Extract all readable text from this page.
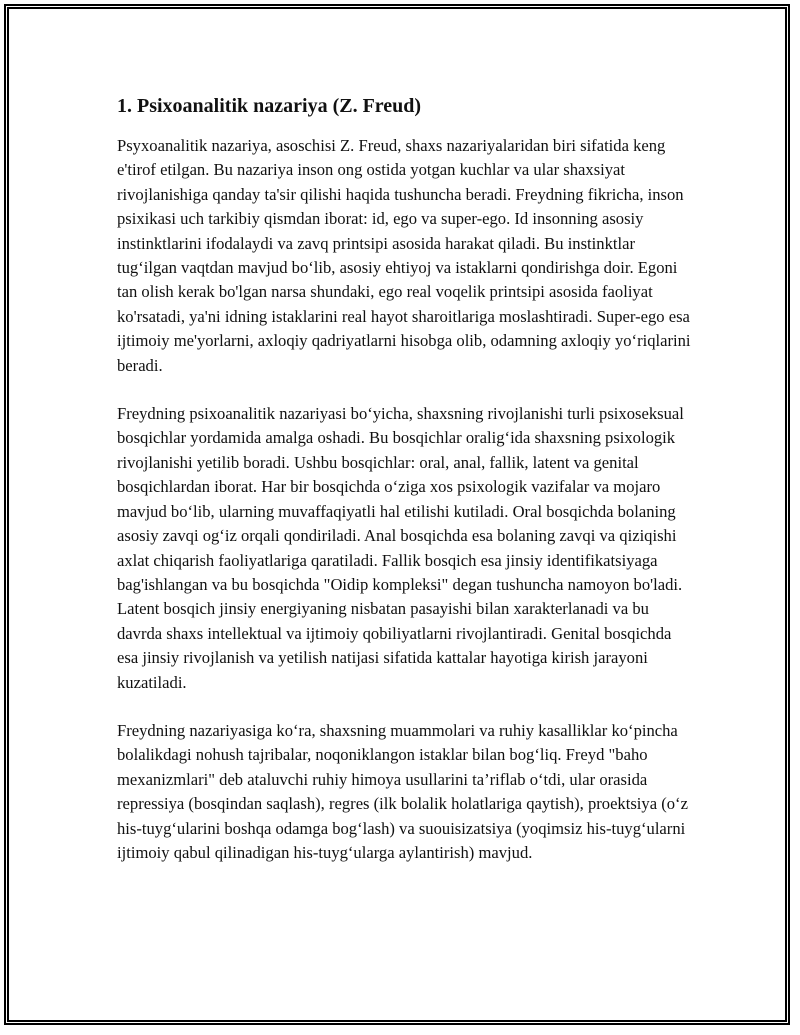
1. Psixoanalitik nazariya (Z. Freud)

Psyxoanalitik nazariya, asoschisi Z. Freud, shaxs nazariyalaridan biri sifatida keng e'tirof etilgan. Bu nazariya inson ong ostida yotgan kuchlar va ular shaxsiyat rivojlanishiga qanday ta'sir qilishi haqida tushuncha beradi. Freydning fikricha, inson psixikasi uch tarkibiy qismdan iborat: id, ego va super-ego. Id insonning asosiy instinktlarini ifodalaydi va zavq printsipi asosida harakat qiladi. Bu instinktlar tug‘ilgan vaqtdan mavjud bo‘lib, asosiy ehtiyoj va istaklarni qondirishga doir. Egoni tan olish kerak bo'lgan narsa shundaki, ego real voqelik printsipi asosida faoliyat ko'rsatadi, ya'ni idning istaklarini real hayot sharoitlariga moslashtiradi. Super-ego esa ijtimoiy me'yorlarni, axloqiy qadriyatlarni hisobga olib, odamning axloqiy yo‘riqlarini beradi.

Freydning psixoanalitik nazariyasi bo‘yicha, shaxsning rivojlanishi turli psixoseksual bosqichlar yordamida amalga oshadi. Bu bosqichlar oralig‘ida shaxsning psixologik rivojlanishi yetilib boradi. Ushbu bosqichlar: oral, anal, fallik, latent va genital bosqichlardan iborat. Har bir bosqichda o‘ziga xos psixologik vazifalar va mojaro mavjud bo‘lib, ularning muvaffaqiyatli hal etilishi kutiladi. Oral bosqichda bolaning asosiy zavqi og‘iz orqali qondiriladi. Anal bosqichda esa bolaning zavqi va qiziqishi axlat chiqarish faoliyatlariga qaratiladi. Fallik bosqich esa jinsiy identifikatsiyaga bag'ishlangan va bu bosqichda "Oidip kompleksi" degan tushuncha namoyon bo'ladi. Latent bosqich jinsiy energiyaning nisbatan pasayishi bilan xarakterlanadi va bu davrda shaxs intellektual va ijtimoiy qobiliyatlarni rivojlantiradi. Genital bosqichda esa jinsiy rivojlanish va yetilish natijasi sifatida kattalar hayotiga kirish jarayoni kuzatiladi.

Freydning nazariyasiga ko‘ra, shaxsning muammolari va ruhiy kasalliklar ko‘pincha bolalikdagi nohush tajribalar, noqoniklangon istaklar bilan bog‘liq. Freyd "baho mexanizmlari" deb ataluvchi ruhiy himoya usullarini ta’riflab o‘tdi, ular orasida repressiya (bosqindan saqlash), regres (ilk bolalik holatlariga qaytish), proektsiya (o‘z his-tuyg‘ularini boshqa odamga bog‘lash) va suouisizatsiya (yoqimsiz his-tuyg‘ularni ijtimoiy qabul qilinadigan his-tuyg‘ularga aylantirish) mavjud.
